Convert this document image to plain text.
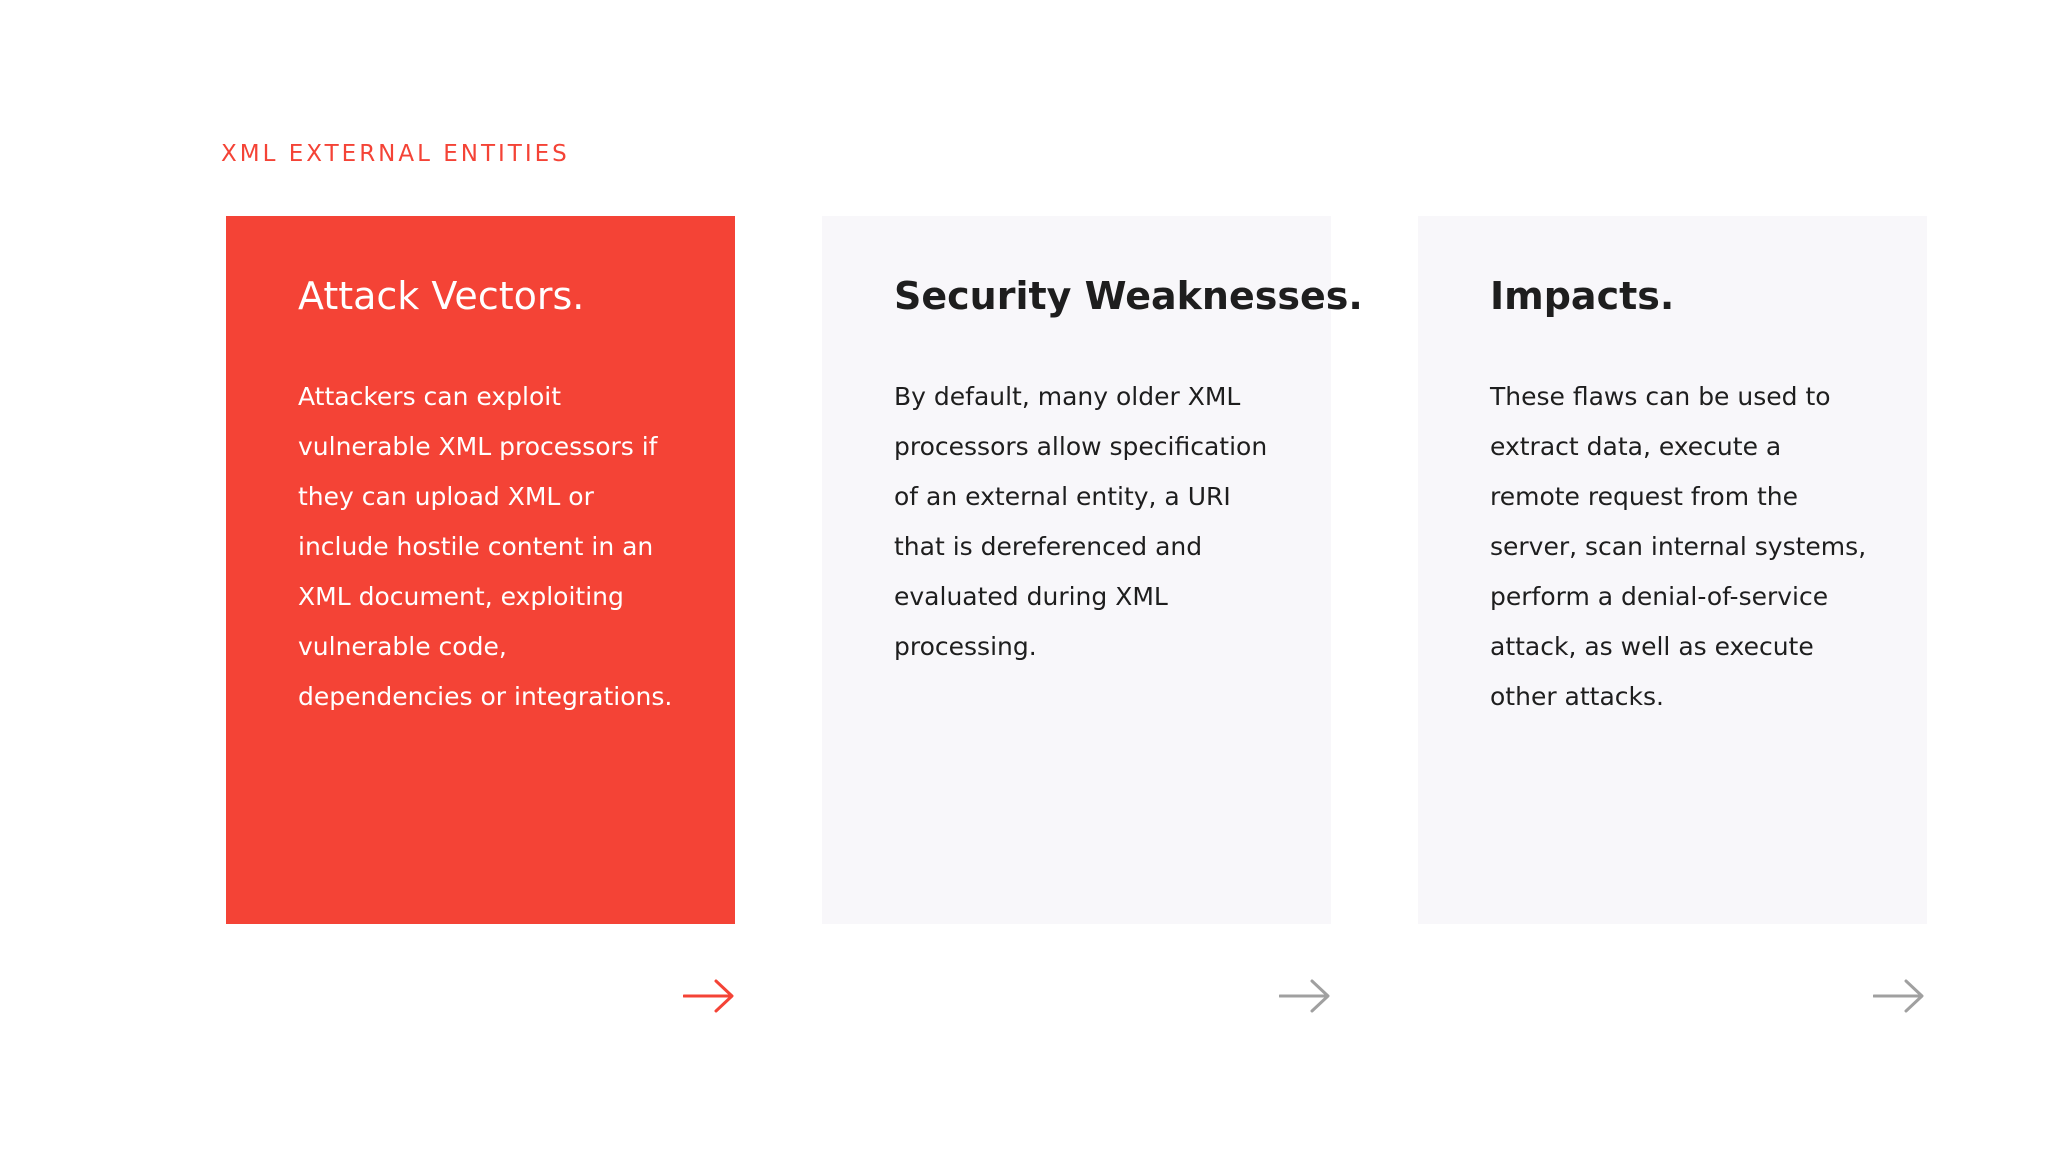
XML EXTERNAL ENTITIES
Attack Vectors.
Attackers can exploit
vulnerable XML processors if
they can upload XML or
include hostile content in an
XML document, exploiting
vulnerable code,
dependencies or integrations.
Security Weaknesses.
By default, many older XML
processors allow specification
of an external entity, a URI
that is dereferenced and
evaluated during XML
processing.
Impacts.
These flaws can be used to
extract data, execute a
remote request from the
server, scan internal systems,
perform a denial-of-service
attack, as well as execute
other attacks.
